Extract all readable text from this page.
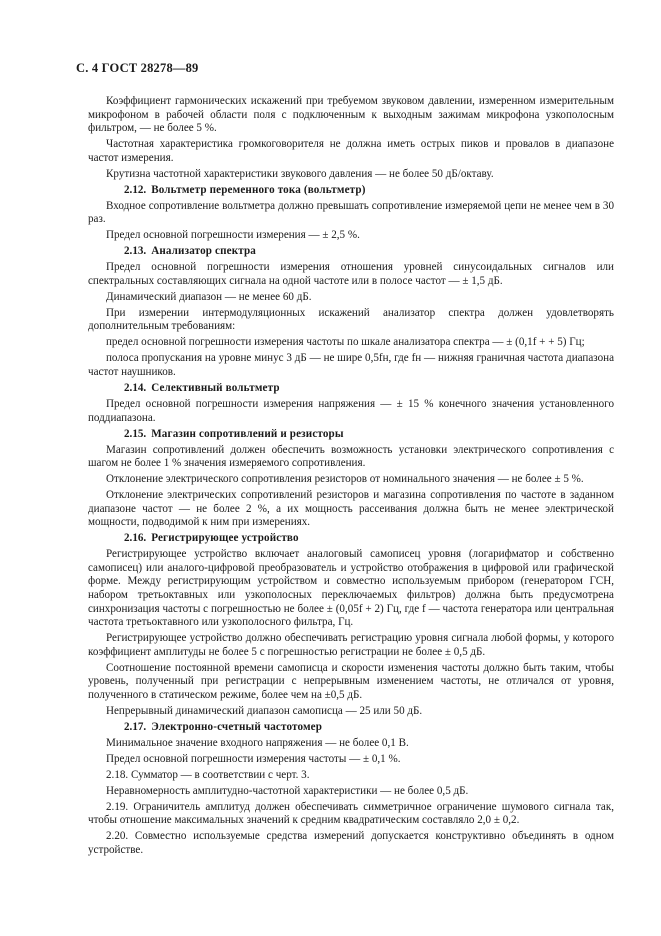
С. 4 ГОСТ 28278—89

Коэффициент гармонических искажений при требуемом звуковом давлении, измеренном измерительным микрофоном в рабочей области поля с подключенным к выходным зажимам микрофона узкополосным фильтром, — не более 5 %.

Частотная характеристика громкоговорителя не должна иметь острых пиков и провалов в диапазоне частот измерения.

Крутизна частотной характеристики звукового давления — не более 50 дБ/октаву.

2.12. Вольтметр переменного тока (вольтметр)

Входное сопротивление вольтметра должно превышать сопротивление измеряемой цепи не менее чем в 30 раз.

Предел основной погрешности измерения — ± 2,5 %.

2.13. Анализатор спектра

Предел основной погрешности измерения отношения уровней синусоидальных сигналов или спектральных составляющих сигнала на одной частоте или в полосе частот — ± 1,5 дБ.

Динамический диапазон — не менее 60 дБ.

При измерении интермодуляционных искажений анализатор спектра должен удовлетворять дополнительным требованиям:

предел основной погрешности измерения частоты по шкале анализатора спектра — ± (0,1f + + 5) Гц;

полоса пропускания на уровне минус 3 дБ — не шире 0,5fн, где fн — нижняя граничная частота диапазона частот наушников.

2.14. Селективный вольтметр

Предел основной погрешности измерения напряжения — ± 15 % конечного значения установленного поддиапазона.

2.15. Магазин сопротивлений и резисторы

Магазин сопротивлений должен обеспечить возможность установки электрического сопротивления с шагом не более 1 % значения измеряемого сопротивления.

Отклонение электрического сопротивления резисторов от номинального значения — не более ± 5 %.

Отклонение электрических сопротивлений резисторов и магазина сопротивления по частоте в заданном диапазоне частот — не более 2 %, а их мощность рассеивания должна быть не менее электрической мощности, подводимой к ним при измерениях.

2.16. Регистрирующее устройство

Регистрирующее устройство включает аналоговый самописец уровня (логарифматор и собственно самописец) или аналого-цифровой преобразователь и устройство отображения в цифровой или графической форме. Между регистрирующим устройством и совместно используемым прибором (генератором ГСН, набором третьоктавных или узкополосных переключаемых фильтров) должна быть предусмотрена синхронизация частоты с погрешностью не более ± (0,05f + 2) Гц, где f — частота генератора или центральная частота третьоктавного или узкополосного фильтра, Гц.

Регистрирующее устройство должно обеспечивать регистрацию уровня сигнала любой формы, у которого коэффициент амплитуды не более 5 с погрешностью регистрации не более ± 0,5 дБ.

Соотношение постоянной времени самописца и скорости изменения частоты должно быть таким, чтобы уровень, полученный при регистрации с непрерывным изменением частоты, не отличался от уровня, полученного в статическом режиме, более чем на ±0,5 дБ.

Непрерывный динамический диапазон самописца — 25 или 50 дБ.

2.17. Электронно-счетный частотомер

Минимальное значение входного напряжения — не более 0,1 В.

Предел основной погрешности измерения частоты — ± 0,1 %.

2.18. Сумматор — в соответствии с черт. 3.

Неравномерность амплитудно-частотной характеристики — не более 0,5 дБ.

2.19. Ограничитель амплитуд должен обеспечивать симметричное ограничение шумового сигнала так, чтобы отношение максимальных значений к средним квадратическим составляло 2,0 ± 0,2.

2.20. Совместно используемые средства измерений допускается конструктивно объединять в одном устройстве.
